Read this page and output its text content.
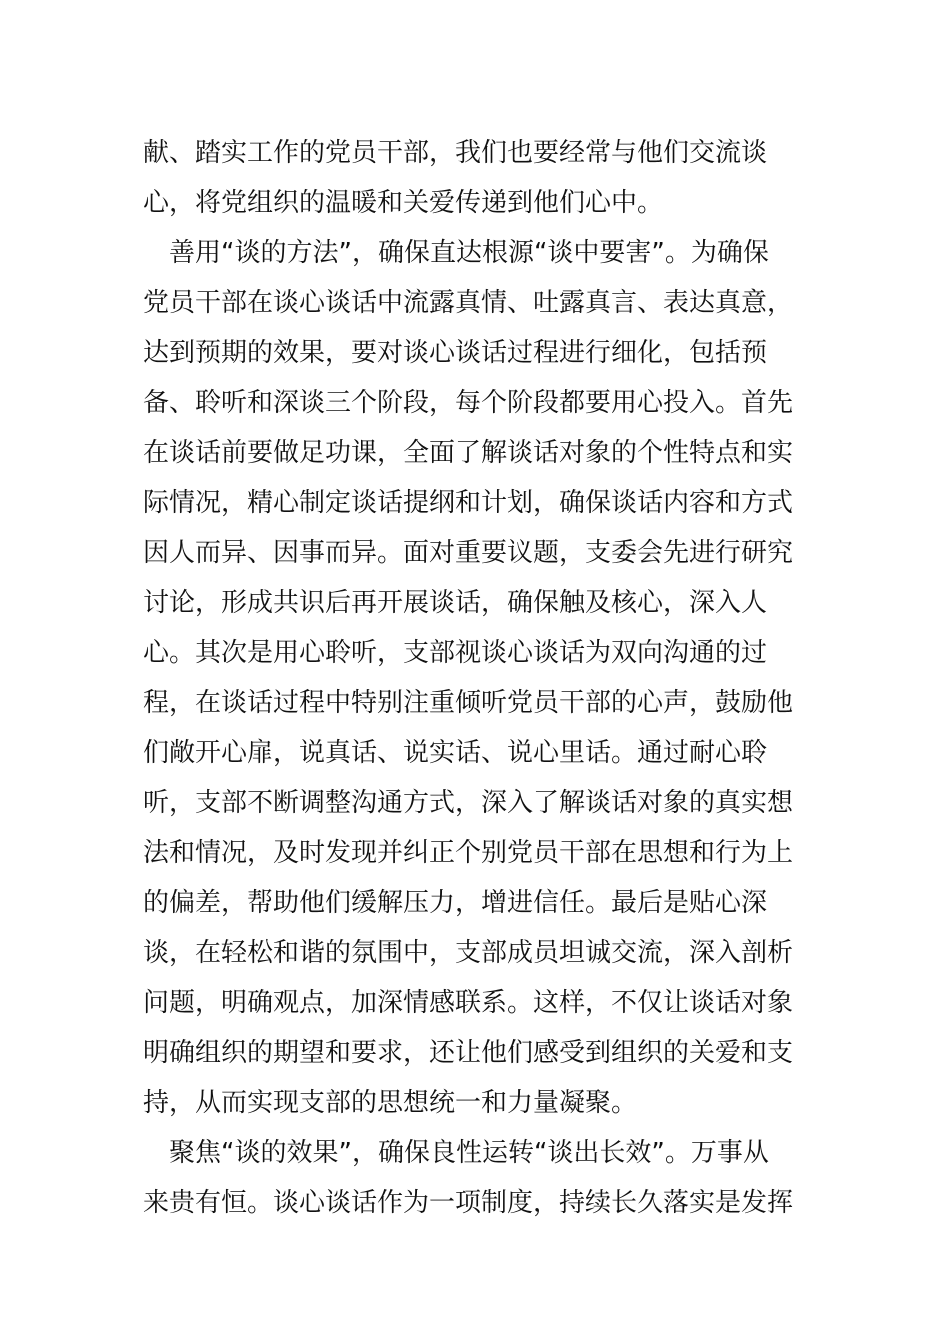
献、踏实工作的党员干部，我们也要经常与他们交流谈
心，将党组织的温暖和关爱传递到他们心中。
善用“谈的方法”，确保直达根源“谈中要害”。为确保
党员干部在谈心谈话中流露真情、吐露真言、表达真意，
达到预期的效果，要对谈心谈话过程进行细化，包括预
备、聆听和深谈三个阶段，每个阶段都要用心投入。首先
在谈话前要做足功课，全面了解谈话对象的个性特点和实
际情况，精心制定谈话提纲和计划，确保谈话内容和方式
因人而异、因事而异。面对重要议题，支委会先进行研究
讨论，形成共识后再开展谈话，确保触及核心，深入人
心。其次是用心聆听，支部视谈心谈话为双向沟通的过
程，在谈话过程中特别注重倾听党员干部的心声，鼓励他
们敞开心扉，说真话、说实话、说心里话。通过耐心聆
听，支部不断调整沟通方式，深入了解谈话对象的真实想
法和情况，及时发现并纠正个别党员干部在思想和行为上
的偏差，帮助他们缓解压力，增进信任。最后是贴心深
谈，在轻松和谐的氛围中，支部成员坦诚交流，深入剖析
问题，明确观点，加深情感联系。这样，不仅让谈话对象
明确组织的期望和要求，还让他们感受到组织的关爱和支
持，从而实现支部的思想统一和力量凝聚。
聚焦“谈的效果”，确保良性运转“谈出长效”。万事从
来贵有恒。谈心谈话作为一项制度，持续长久落实是发挥
